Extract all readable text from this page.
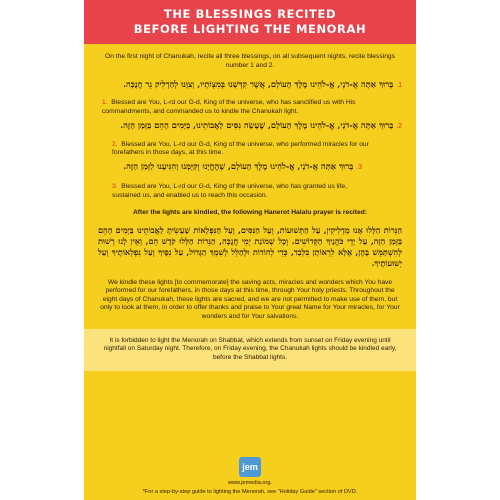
THE BLESSINGS RECITED
BEFORE LIGHTING THE MENORAH

On the first night of Chanukah, recite all three blessings, on all subsequent nights, recite blessings number 1 and 2.

1. בָּרוּךְ אַתָּה אֲ-דֹנָי, אֱ-לֹהֵינוּ מֶלֶךְ הָעוֹלָם, אֲשֶׁר קִדְּשָׁנוּ בְּמִצְוֹתָיו, וְצִוָּנוּ לְהַדְלִיק נֵר חֲנֻכָּה.

1. Blessed are You, L-rd our G-d, King of the universe, who has sanctified us with His commandments, and commanded us to kindle the Chanukah light.

2. בָּרוּךְ אַתָּה אֲ-דֹנָי, אֱ-לֹהֵינוּ מֶלֶךְ הָעוֹלָם, שֶׁעָשָׂה נִסִּים לַאֲבוֹתֵינוּ, בַּיָּמִים הָהֵם בַּזְּמַן הַזֶּה.

2. Blessed are You, L-rd our G-d, King of the universe, who performed miracles for our forefathers in those days, at this time.

3. בָּרוּךְ אַתָּה אֲ-דֹנָי, אֱ-לֹהֵינוּ מֶלֶךְ הָעוֹלָם, שֶׁהֶחֱיָנוּ וְקִיְּמָנוּ וְהִגִּיעָנוּ לַזְּמַן הַזֶּה.

3. Blessed are You, L-rd our G-d, King of the universe, who has granted us life, sustained us, and enabled us to reach this occasion.

After the lights are kindled, the following Hanerot Halalu prayer is recited:

הַנֵּרוֹת הַלָּלוּ אָנוּ מַדְלִיקִין, עַל הַתְּשׁוּעוֹת, וְעַל הַנִּסִּים, וְעַל הַנִּפְלָאוֹת שֶׁעָשִׂיתָ לַאֲבוֹתֵינוּ בַּיָּמִים הָהֵם בַּזְּמַן הַזֶּה, עַל יְדֵי כֹּהֲנֶיךָ הַקְּדוֹשִׁים. וְכָל שְׁמוֹנַת יְמֵי חֲנֻכָּה, הַנֵּרוֹת הַלָּלוּ קֹדֶשׁ הֵם, וְאֵין לָנוּ רְשׁוּת לְהִשְׁתַּמֵּשׁ בָּהֶן, אֶלָּא לִרְאוֹתָן בִּלְבַד, כְּדֵי לְהוֹדוֹת וּלְהַלֵּל לְשִׁמְךָ הַגָּדוֹל, עַל נִסֶּיךָ וְעַל נִפְלְאוֹתֶיךָ וְעַל יְשׁוּעוֹתֶיךָ.

We kindle these lights [to commemorate] the saving acts, miracles and wonders which You have performed for our forefathers, in those days at this time, through Your holy priests. Throughout the eight days of Chanukah, these lights are sacred, and we are not permitted to make use of them, but only to look at them, in order to offer thanks and praise to Your great Name for Your miracles, for Your wonders and for Your salvations.

It is forbidden to light the Menorah on Shabbat, which extends from sunset on Friday evening until nightfall on Saturday night. Therefore, on Friday evening, the Chanukah lights should be kindled early, before the Shabbat lights.

jem
www.jemedia.org.
*For a step-by-step guide to lighting the Menorah, see "Holiday Guide" section of DVD.
